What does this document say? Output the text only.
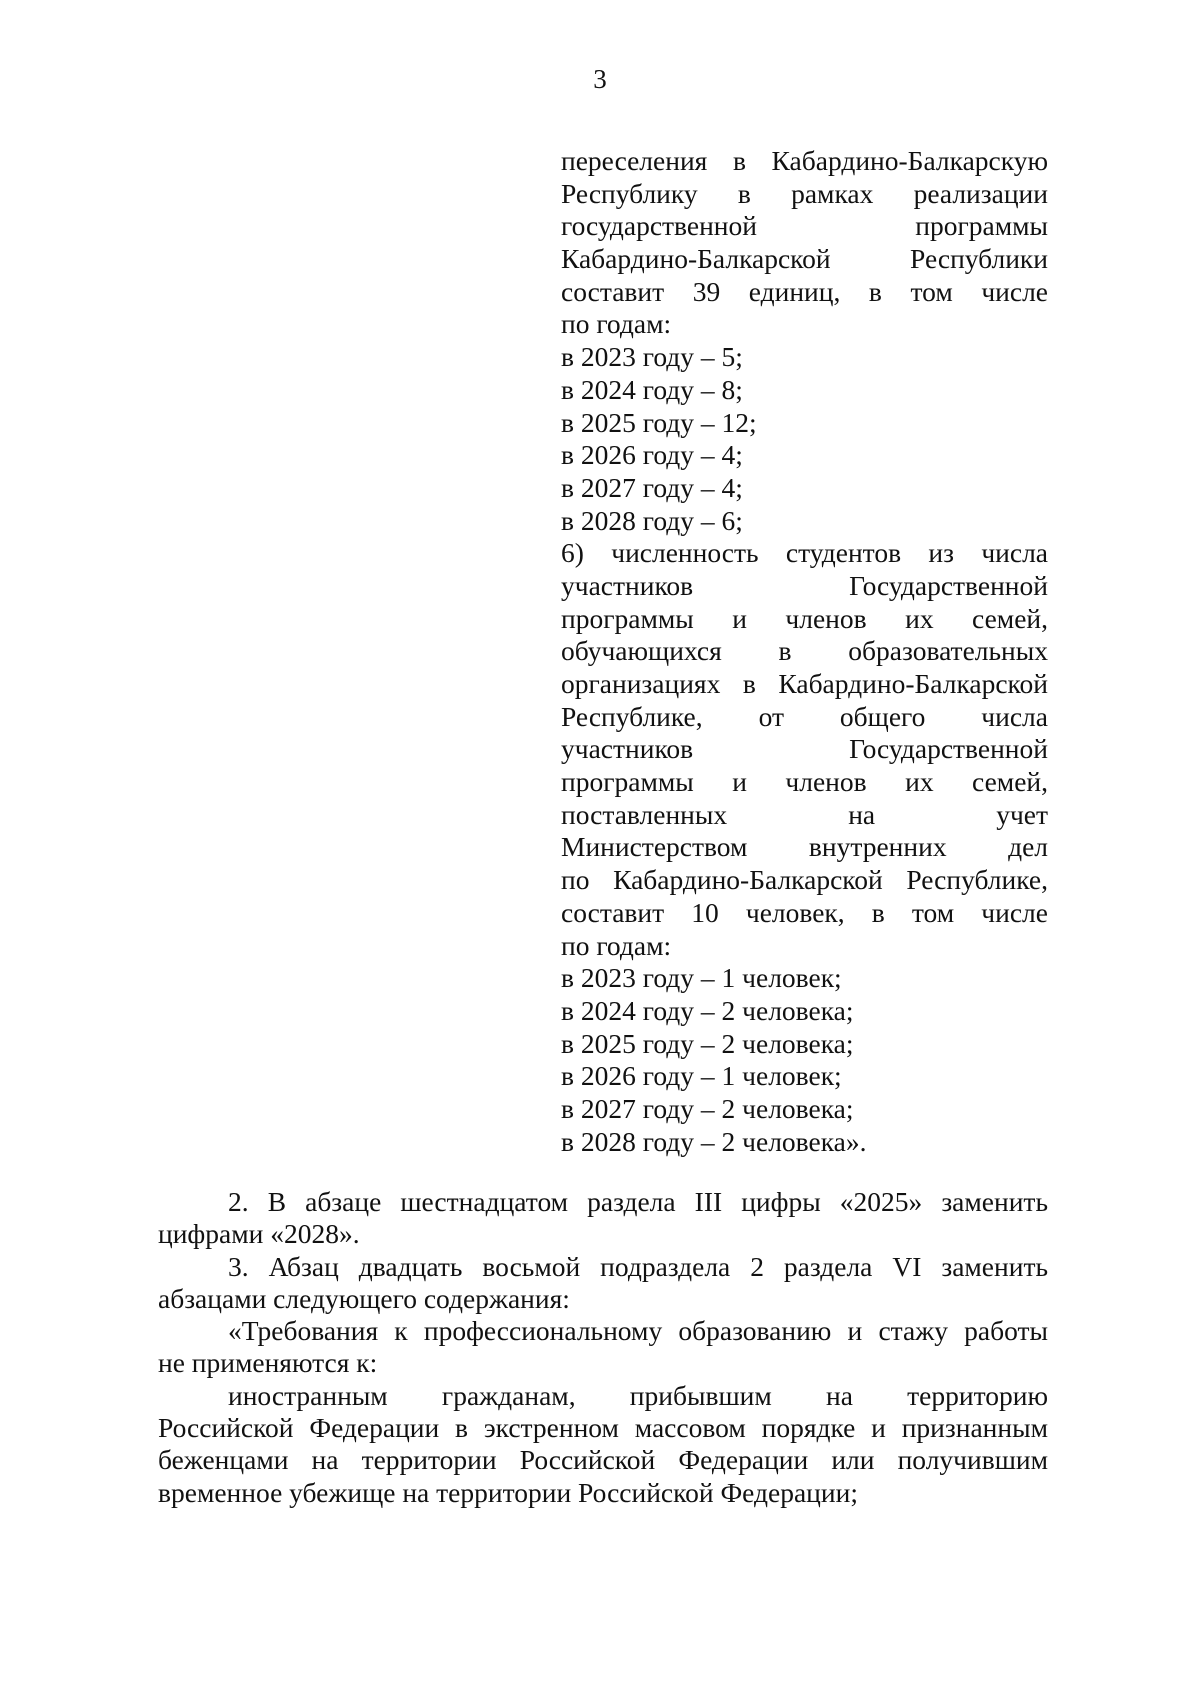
3
переселения в Кабардино-Балкарскую
Республику в рамках реализации
государственной программы
Кабардино-Балкарской Республики
составит 39 единиц, в том числе
по годам:
в 2023 году – 5;
в 2024 году – 8;
в 2025 году – 12;
в 2026 году – 4;
в 2027 году – 4;
в 2028 году – 6;
6) численность студентов из числа
участников Государственной
программы и членов их семей,
обучающихся в образовательных
организациях в Кабардино-Балкарской
Республике, от общего числа
участников Государственной
программы и членов их семей,
поставленных на учет
Министерством внутренних дел
по Кабардино-Балкарской Республике,
составит 10 человек, в том числе
по годам:
в 2023 году – 1 человек;
в 2024 году – 2 человека;
в 2025 году – 2 человека;
в 2026 году – 1 человек;
в 2027 году – 2 человека;
в 2028 году – 2 человека».

2. В абзаце шестнадцатом раздела III цифры «2025» заменить
цифрами «2028».

3. Абзац двадцать восьмой подраздела 2 раздела VI заменить
абзацами следующего содержания:

«Требования к профессиональному образованию и стажу работы
не применяются к:

иностранным гражданам, прибывшим на территорию
Российской Федерации в экстренном массовом порядке и признанным
беженцами на территории Российской Федерации или получившим
временное убежище на территории Российской Федерации;
